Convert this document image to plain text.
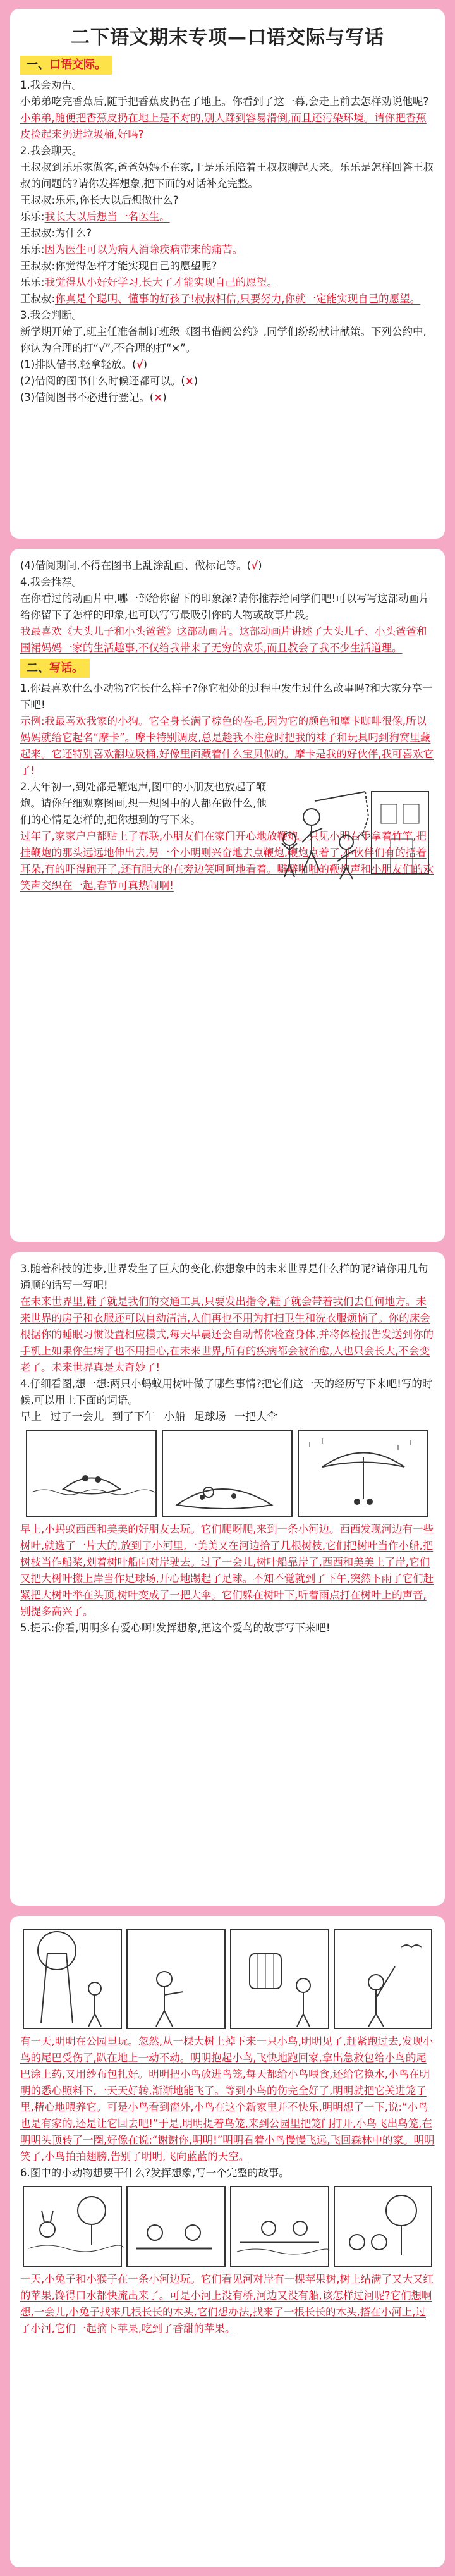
二下语文期末专项—口语交际与写话
一、口语交际。

1.我会劝告。

小弟弟吃完香蕉后,随手把香蕉皮扔在了地上。你看到了这一幕,会走上前去怎样劝说他呢?

小弟弟,随便把香蕉皮扔在地上是不对的,别人踩到容易滑倒,而且还污染环境。请你把香蕉皮捡起来扔进垃圾桶,好吗?

2.我会聊天。

王叔叔到乐乐家做客,爸爸妈妈不在家,于是乐乐陪着王叔叔聊起天来。乐乐是怎样回答王叔叔的问题的?请你发挥想象,把下面的对话补充完整。

王叔叔:乐乐,你长大以后想做什么?

乐乐:我长大以后想当一名医生。

王叔叔:为什么?

乐乐:因为医生可以为病人消除疾病带来的痛苦。

王叔叔:你觉得怎样才能实现自己的愿望呢?

乐乐:我觉得从小好好学习,长大了才能实现自己的愿望。

王叔叔:你真是个聪明、懂事的好孩子!叔叔相信,只要努力,你就一定能实现自己的愿望。

3.我会判断。

新学期开始了,班主任准备制订班级《图书借阅公约》,同学们纷纷献计献策。下列公约中,你认为合理的打“√”,不合理的打“×”。

(1)排队借书,轻拿轻放。(√)

(2)借阅的图书什么时候还都可以。(×)

(3)借阅图书不必进行登记。(×)

(4)借阅期间,不得在图书上乱涂乱画、做标记等。(√)

4.我会推荐。

在你看过的动画片中,哪一部给你留下的印象深?请你推荐给同学们吧!可以写写这部动画片给你留下了怎样的印象,也可以写写最吸引你的人物或故事片段。

我最喜欢《大头儿子和小头爸爸》这部动画片。这部动画片讲述了大头儿子、小头爸爸和围裙妈妈一家的生活趣事,不仅给我带来了无穷的欢乐,而且教会了我不少生活道理。

二、写话。

1.你最喜欢什么小动物?它长什么样子?你它相处的过程中发生过什么故事吗?和大家分享一下吧!

示例:我最喜欢我家的小狗。它全身长满了棕色的卷毛,因为它的颜色和摩卡咖啡很像,所以妈妈就给它起名“摩卡”。摩卡特别调皮,总是趁我不注意时把我的袜子和玩具叼到狗窝里藏起来。它还特别喜欢翻垃圾桶,好像里面藏着什么宝贝似的。摩卡是我的好伙伴,我可喜欢它了!

2.大年初一,到处都是鞭炮声,图中的小朋友也放起了鞭炮。请你仔细观察图画,想一想图中的人都在做什么,他们的心情是怎样的,把你想到的写下来。

过年了,家家户户都贴上了春联,小朋友们在家门开心地放鞭炮。只见小明右手拿着竹竿,把挂鞭炮的那头远远地伸出去,另一个小明则兴奋地去点鞭炮,鞭炮点着了,小伙伴们有的捂着耳朵,有的吓得跑开了,还有胆大的在旁边笑呵呵地看着。噼噼啪啪的鞭炮声和小朋友们的欢笑声交织在一起,春节可真热闹啊!

3.随着科技的进步,世界发生了巨大的变化,你想象中的未来世界是什么样的呢?请你用几句通顺的话写一写吧!

在未来世界里,鞋子就是我们的交通工具,只要发出指令,鞋子就会带着我们去任何地方。未来世界的房子和衣服还可以自动清洁,人们再也不用为打扫卫生和洗衣服烦恼了。你的床会根据你的睡眠习惯设置相应模式,每天早晨还会自动帮你检查身体,并将体检报告发送到你的手机上如果你生病了也不用担心,在未来世界,所有的疾病都会被治愈,人也只会长大,不会变老了。未来世界真是太奇妙了!

4.仔细看图,想一想:两只小蚂蚁用树叶做了哪些事情?把它们这一天的经历写下来吧!写的时候,可以用上下面的词语。

早上 过了一会儿 到了下午 小船 足球场 一把大伞

早上,小蚂蚁西西和美美的好朋友去玩。它们爬呀爬,来到一条小河边。西西发现河边有一些树叶,就选了一片大的,放到了小河里,一美美又在河边拾了几根树枝,它们把树叶当作小船,把树枝当作船桨,划着树叶船向对岸驶去。过了一会儿,树叶船靠岸了,西西和美美上了岸,它们又把大树叶搬上岸当作足球场,开心地踢起了足球。不知不觉就到了下午,突然下雨了它们赶紧把大树叶举在头顶,树叶变成了一把大伞。它们躲在树叶下,听着雨点打在树叶上的声音,别提多高兴了。

5.提示:你看,明明多有爱心啊!发挥想象,把这个爱鸟的故事写下来吧!

有一天,明明在公园里玩。忽然,从一棵大树上掉下来一只小鸟,明明见了,赶紧跑过去,发现小鸟的尾巴受伤了,趴在地上一动不动。明明抱起小鸟,飞快地跑回家,拿出急救包给小鸟的尾巴涂上药,又用纱布包扎好。明明把小鸟放进鸟笼,每天都给小鸟喂食,还给它换水,小鸟在明明的悉心照料下,一天天好转,渐渐地能飞了。等到小鸟的伤完全好了,明明就把它关进笼子里,精心地喂养它。可是小鸟看到窗外,小鸟在这个新家里并不快乐,明明想了一下,说:“小鸟也是有家的,还是让它回去吧!”于是,明明提着鸟笼,来到公园里把笼门打开,小鸟飞出鸟笼,在明明头顶转了一圈,好像在说:“谢谢你,明明!”明明看着小鸟慢慢飞远,飞回森林中的家。明明笑了,小鸟拍拍翅膀,告别了明明,飞向蓝蓝的天空。

6.图中的小动物想要干什么?发挥想象,写一个完整的故事。

一天,小兔子和小猴子在一条小河边玩。它们看见河对岸有一棵苹果树,树上结满了又大又红的苹果,馋得口水都快流出来了。可是小河上没有桥,河边又没有船,该怎样过河呢?它们想啊想,一会儿,小兔子找来几根长长的木头,它们想办法,找来了一根长长的木头,搭在小河上,过了小河,它们一起摘下苹果,吃到了香甜的苹果。
